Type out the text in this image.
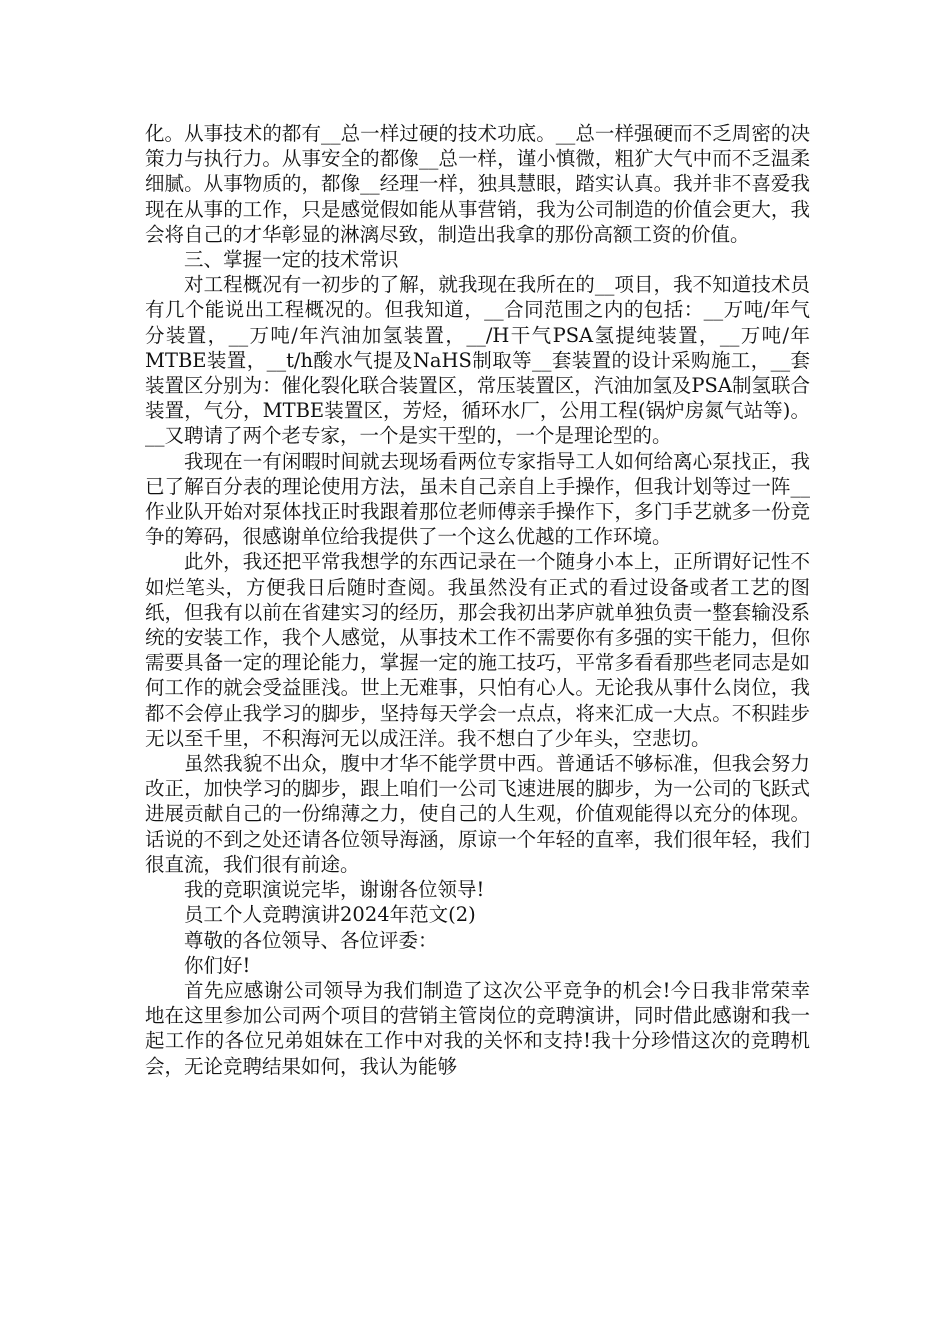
化。从事技术的都有__总一样过硬的技术功底。__总一样强硬而不乏周密的决策力与执行力。从事安全的都像__总一样，谨小慎微，粗犷大气中而不乏温柔细腻。从事物质的，都像__经理一样，独具慧眼，踏实认真。我并非不喜爱我现在从事的工作，只是感觉假如能从事营销，我为公司制造的价值会更大，我会将自己的才华彰显的淋漓尽致，制造出我拿的那份高额工资的价值。

三、掌握一定的技术常识

对工程概况有一初步的了解，就我现在我所在的__项目，我不知道技术员有几个能说出工程概况的。但我知道，__合同范围之内的包括：__万吨/年气分装置，__万吨/年汽油加氢装置，__/H干气PSA氢提纯装置，__万吨/年MTBE装置，__t/h酸水气提及NaHS制取等__套装置的设计采购施工，__套装置区分别为：催化裂化联合装置区，常压装置区，汽油加氢及PSA制氢联合装置，气分，MTBE装置区，芳烃，循环水厂，公用工程(锅炉房氮气站等)。__又聘请了两个老专家，一个是实干型的，一个是理论型的。

我现在一有闲暇时间就去现场看两位专家指导工人如何给离心泵找正，我已了解百分表的理论使用方法，虽未自己亲自上手操作，但我计划等过一阵__作业队开始对泵体找正时我跟着那位老师傅亲手操作下，多门手艺就多一份竞争的筹码，很感谢单位给我提供了一个这么优越的工作环境。

此外，我还把平常我想学的东西记录在一个随身小本上，正所谓好记性不如烂笔头，方便我日后随时查阅。我虽然没有正式的看过设备或者工艺的图纸，但我有以前在省建实习的经历，那会我初出茅庐就单独负责一整套输没系统的安装工作，我个人感觉，从事技术工作不需要你有多强的实干能力，但你需要具备一定的理论能力，掌握一定的施工技巧，平常多看看那些老同志是如何工作的就会受益匪浅。世上无难事，只怕有心人。无论我从事什么岗位，我都不会停止我学习的脚步，坚持每天学会一点点，将来汇成一大点。不积跬步无以至千里，不积海河无以成汪洋。我不想白了少年头，空悲切。

虽然我貌不出众，腹中才华不能学贯中西。普通话不够标准，但我会努力改正，加快学习的脚步，跟上咱们一公司飞速进展的脚步，为一公司的飞跃式进展贡献自己的一份绵薄之力，使自己的人生观，价值观能得以充分的体现。话说的不到之处还请各位领导海涵，原谅一个年轻的直率，我们很年轻，我们很直流，我们很有前途。

我的竞职演说完毕，谢谢各位领导!

员工个人竞聘演讲2024年范文(2)

尊敬的各位领导、各位评委：

你们好!

首先应感谢公司领导为我们制造了这次公平竞争的机会!今日我非常荣幸地在这里参加公司两个项目的营销主管岗位的竞聘演讲，同时借此感谢和我一起工作的各位兄弟姐妹在工作中对我的关怀和支持!我十分珍惜这次的竞聘机会，无论竞聘结果如何，我认为能够
